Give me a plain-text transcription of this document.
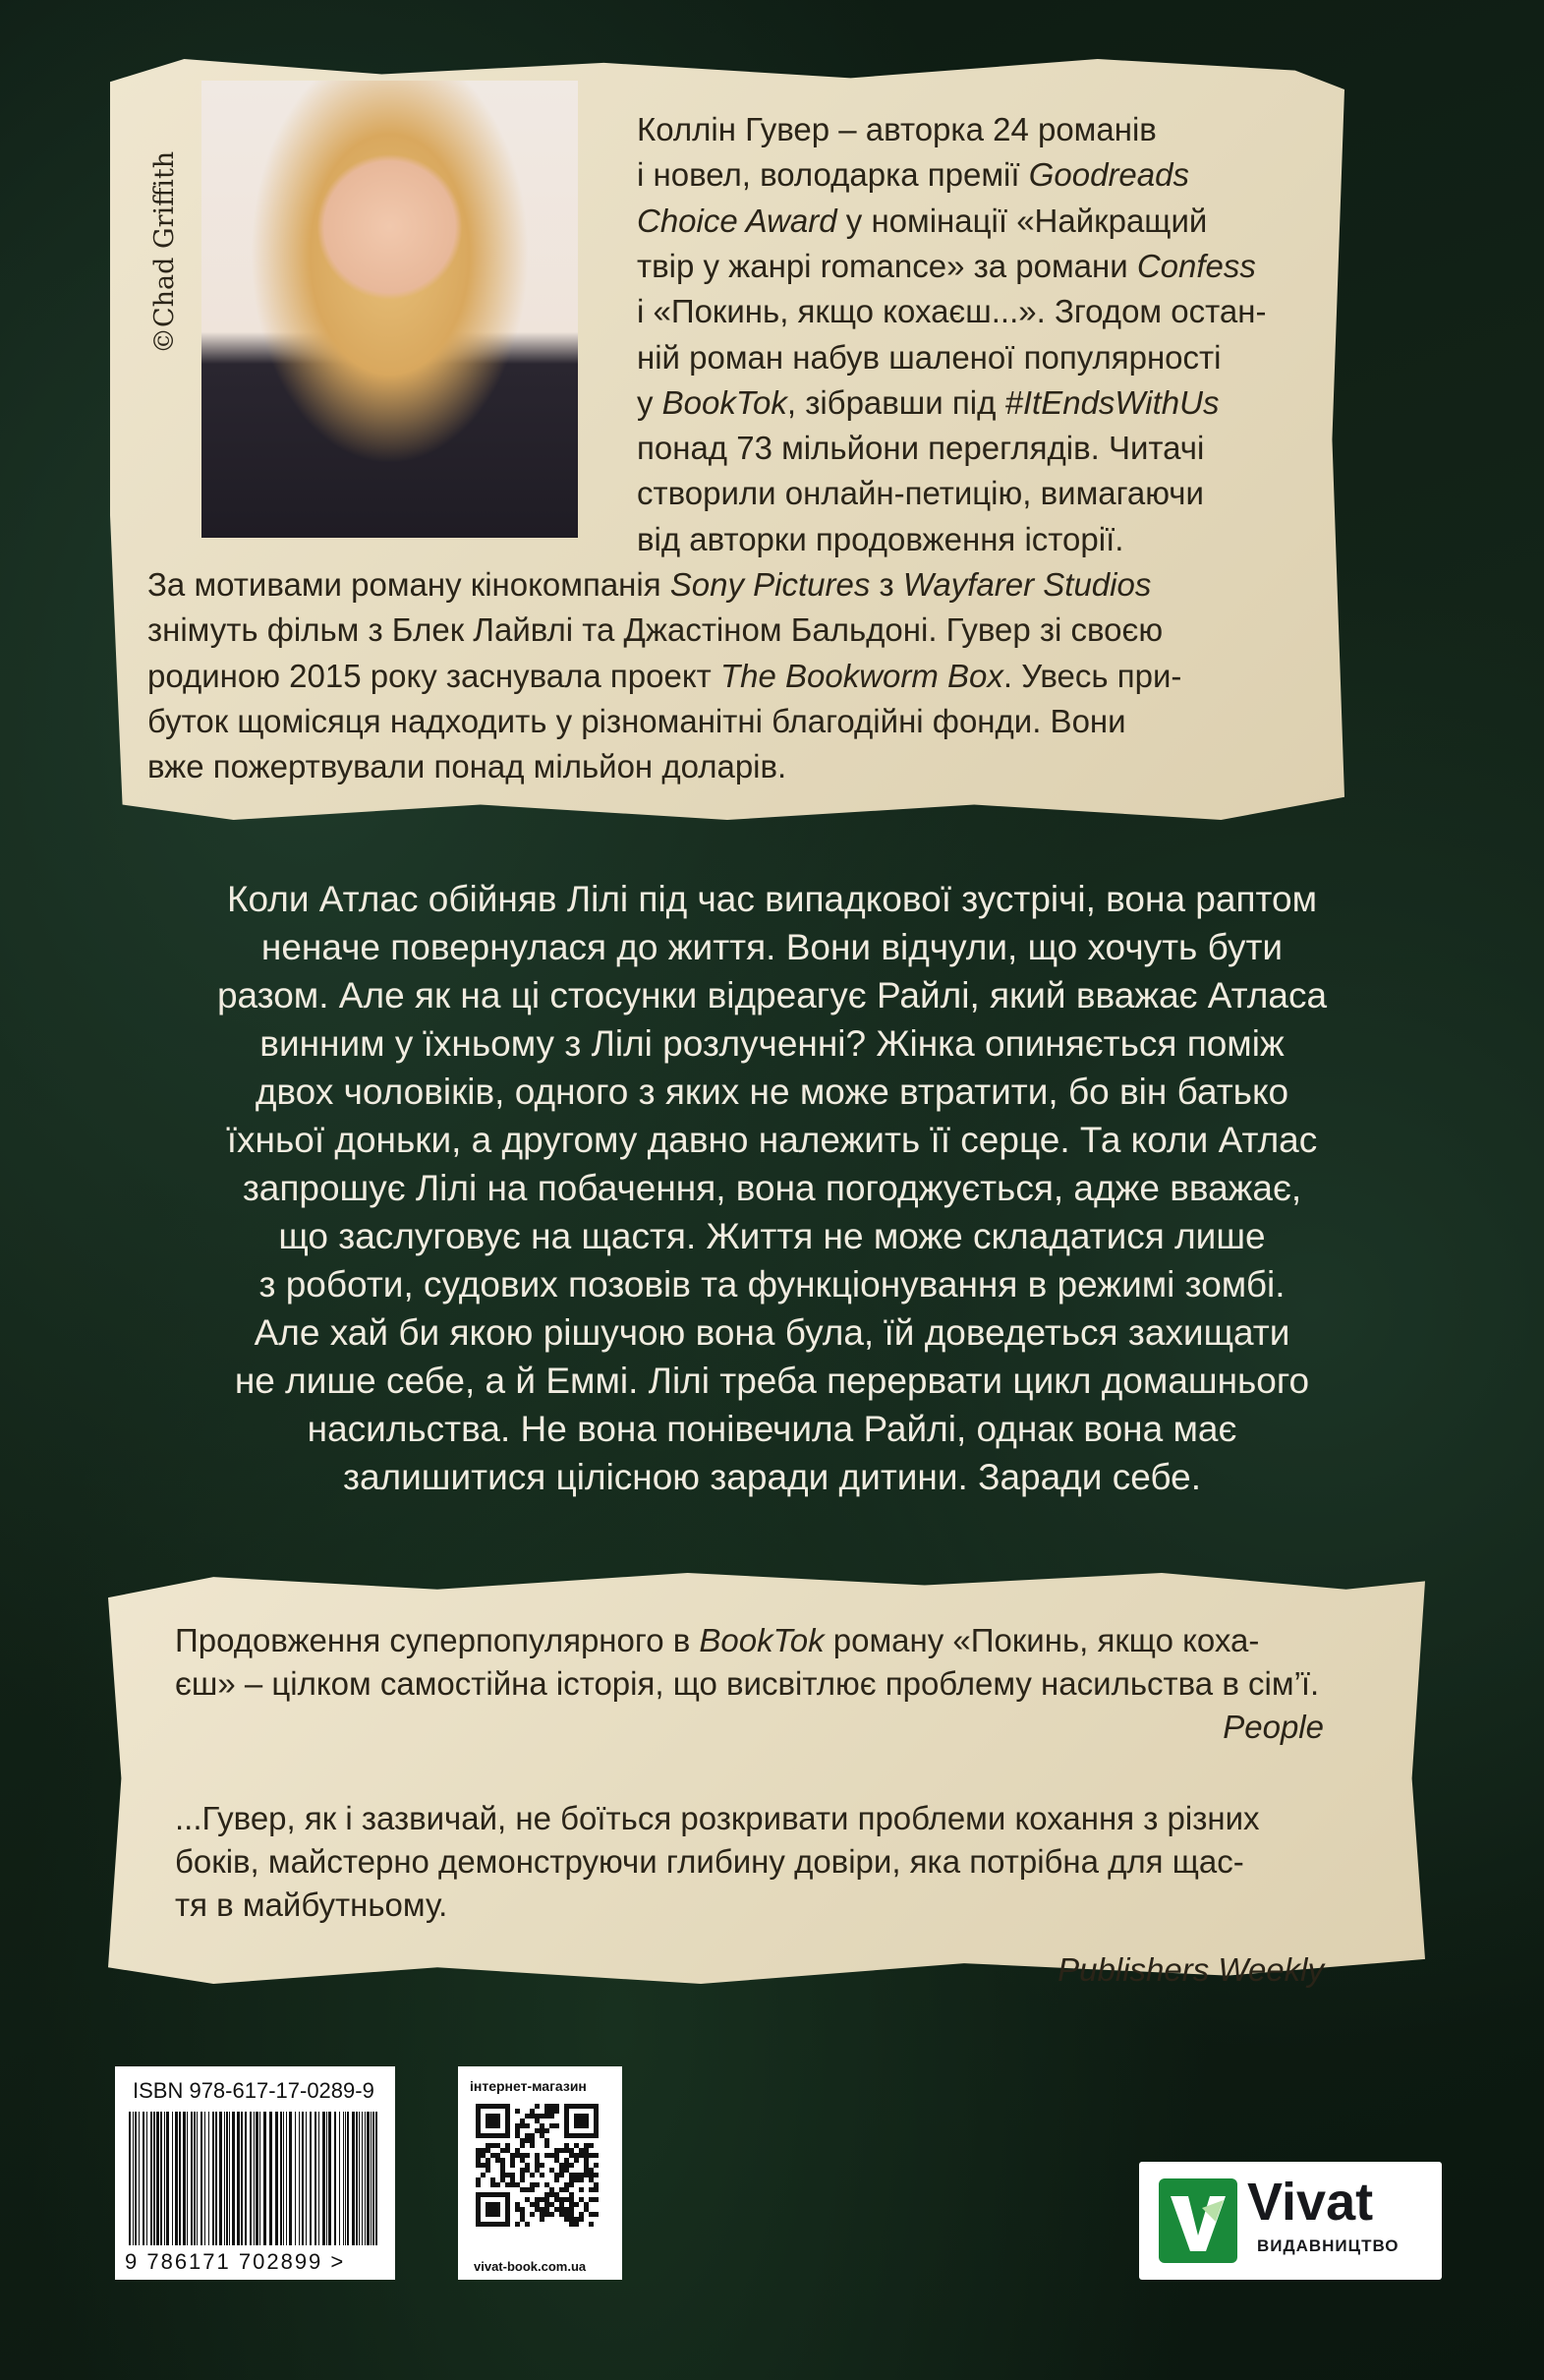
©Chad Griffith
Коллін Гувер – авторка 24 романів
і новел, володарка премії Goodreads
Choice Award у номінації «Найкращий
твір у жанрі romance» за романи Confess
і «Покинь, якщо кохаєш...». Згодом остан-
ній роман набув шаленої популярності
у BookTok, зібравши під #ItEndsWithUs
понад 73 мільйони переглядів. Читачі
створили онлайн-петицію, вимагаючи
від авторки продовження історії.
За мотивами роману кінокомпанія Sony Pictures з Wayfarer Studios
знімуть фільм з Блек Лайвлі та Джастіном Бальдоні. Гувер зі своєю
родиною 2015 року заснувала проект The Bookworm Box. Увесь при-
буток щомісяця надходить у різноманітні благодійні фонди. Вони
вже пожертвували понад мільйон доларів.
Коли Атлас обійняв Лілі під час випадкової зустрічі, вона раптом
неначе повернулася до життя. Вони відчули, що хочуть бути
разом. Але як на ці стосунки відреагує Райлі, який вважає Атласа
винним у їхньому з Лілі розлученні? Жінка опиняється поміж
двох чоловіків, одного з яких не може втратити, бо він батько
їхньої доньки, а другому давно належить її серце. Та коли Атлас
запрошує Лілі на побачення, вона погоджується, адже вважає,
що заслуговує на щастя. Життя не може складатися лише
з роботи, судових позовів та функціонування в режимі зомбі.
Але хай би якою рішучою вона була, їй доведеться захищати
не лише себе, а й Еммі. Лілі треба перервати цикл домашнього
насильства. Не вона понівечила Райлі, однак вона має
залишитися цілісною заради дитини. Заради себе.
Продовження суперпопулярного в BookTok роману «Покинь, якщо коха-
єш» – цілком самостійна історія, що висвітлює проблему насильства в сім’ї.
People
...Гувер, як і зазвичай, не боїться розкривати проблеми кохання з різних
боків, майстерно демонструючи глибину довіри, яка потрібна для щас-
тя в майбутньому.
Publishers Weekly
ISBN 978-617-17-0289-9
9 786171 702899 >
інтернет-магазин
vivat-book.com.ua
Vivat
ВИДАВНИЦТВО
